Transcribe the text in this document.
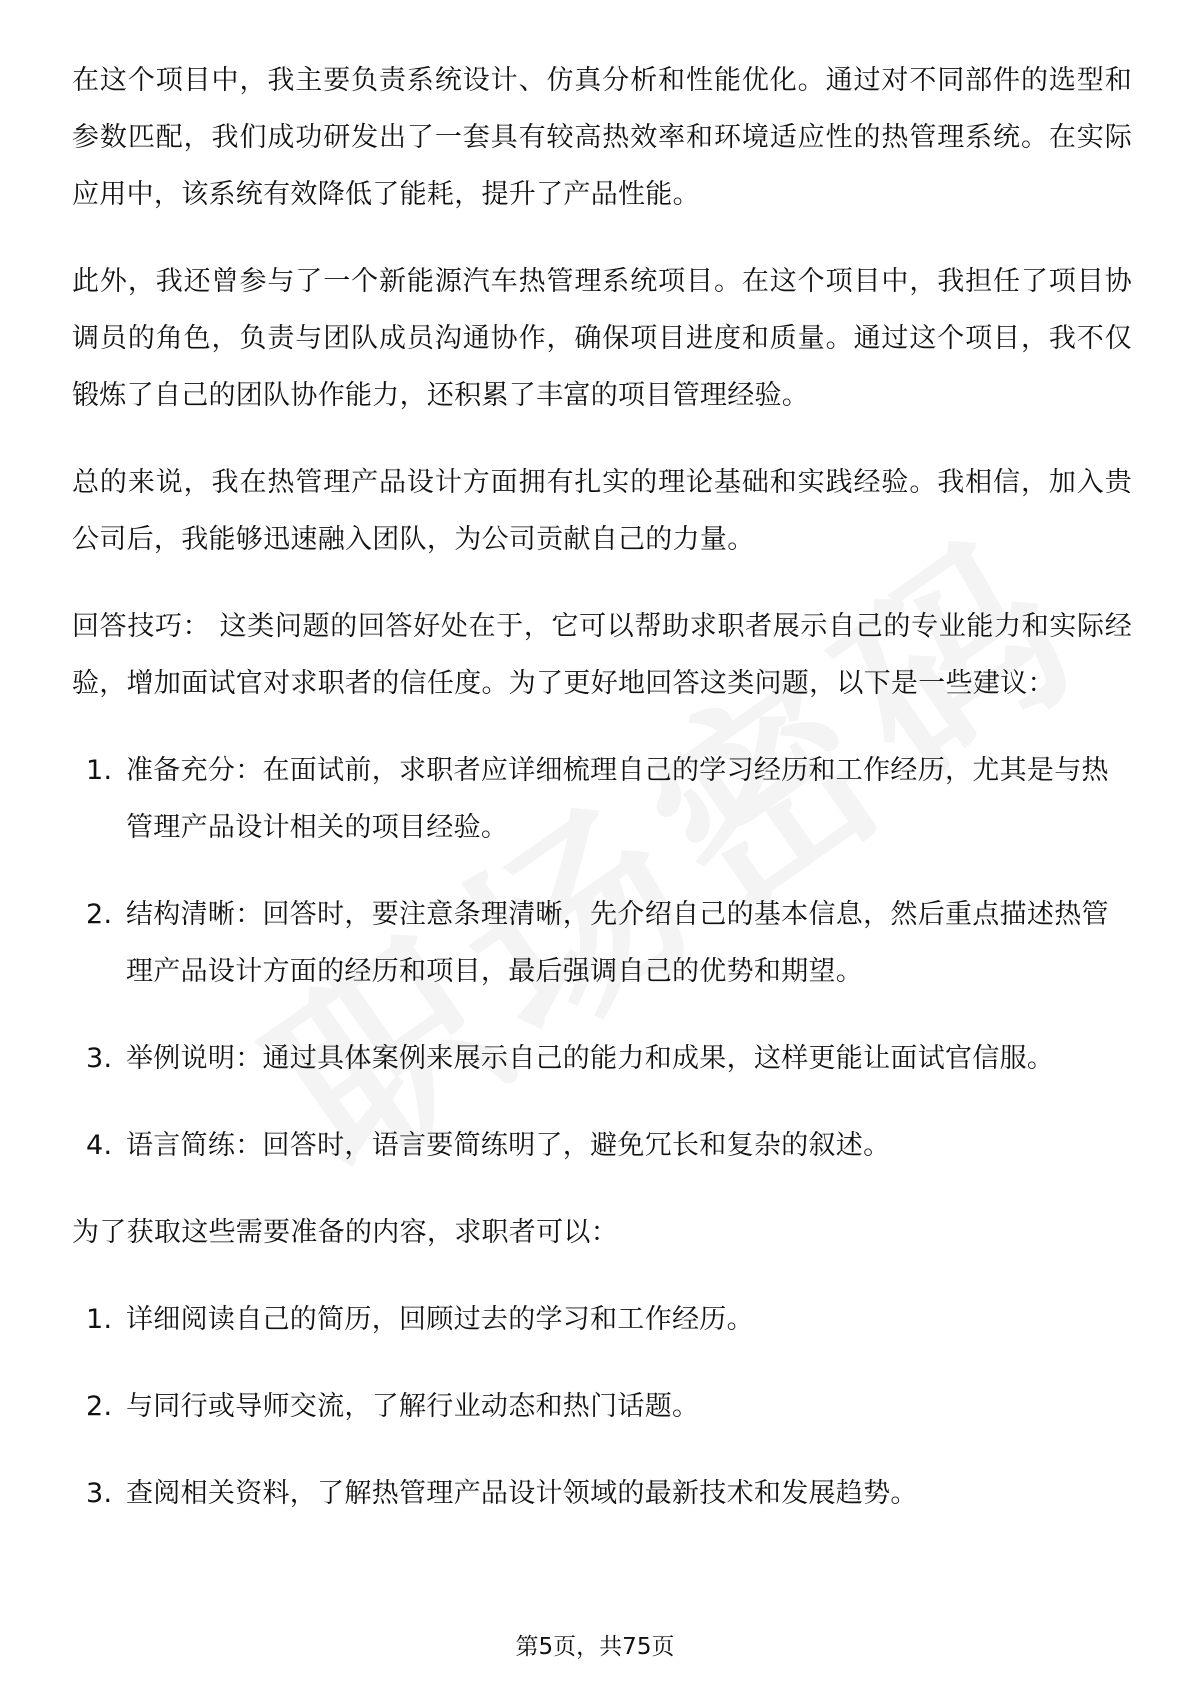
在这个项目中，我主要负责系统设计、仿真分析和性能优化。通过对不同部件的选型和参数匹配，我们成功研发出了一套具有较高热效率和环境适应性的热管理系统。在实际应用中，该系统有效降低了能耗，提升了产品性能。

此外，我还曾参与了一个新能源汽车热管理系统项目。在这个项目中，我担任了项目协调员的角色，负责与团队成员沟通协作，确保项目进度和质量。通过这个项目，我不仅锻炼了自己的团队协作能力，还积累了丰富的项目管理经验。

总的来说，我在热管理产品设计方面拥有扎实的理论基础和实践经验。我相信，加入贵公司后，我能够迅速融入团队，为公司贡献自己的力量。

回答技巧： 这类问题的回答好处在于，它可以帮助求职者展示自己的专业能力和实际经验，增加面试官对求职者的信任度。为了更好地回答这类问题，以下是一些建议：

1. 准备充分：在面试前，求职者应详细梳理自己的学习经历和工作经历，尤其是与热管理产品设计相关的项目经验。
2. 结构清晰：回答时，要注意条理清晰，先介绍自己的基本信息，然后重点描述热管理产品设计方面的经历和项目，最后强调自己的优势和期望。
3. 举例说明：通过具体案例来展示自己的能力和成果，这样更能让面试官信服。
4. 语言简练：回答时，语言要简练明了，避免冗长和复杂的叙述。

为了获取这些需要准备的内容，求职者可以：

1. 详细阅读自己的简历，回顾过去的学习和工作经历。
2. 与同行或导师交流，了解行业动态和热门话题。
3. 查阅相关资料，了解热管理产品设计领域的最新技术和发展趋势。
第5页，共75页
